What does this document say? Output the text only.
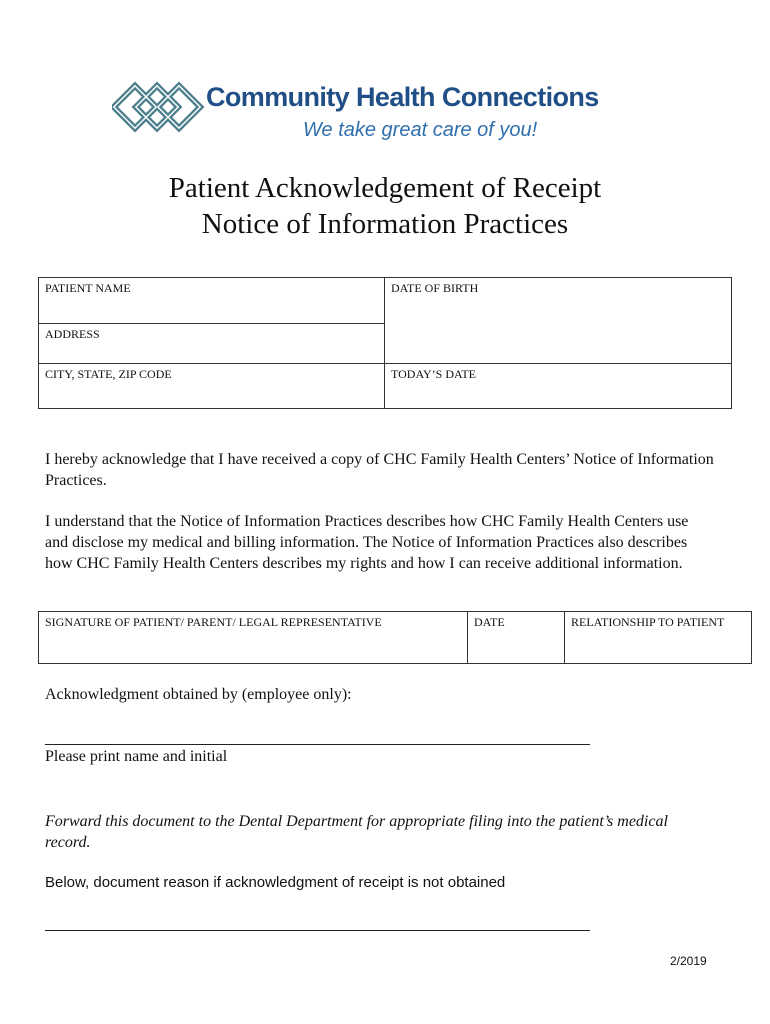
Community Health Connections
We take great care of you!
Patient Acknowledgement of Receipt
Notice of Information Practices
PATIENT NAME	DATE OF BIRTH
ADDRESS	
CITY, STATE, ZIP CODE	TODAY’S DATE

I hereby acknowledge that I have received a copy of CHC Family Health Centers’ Notice of Information Practices.

I understand that the Notice of Information Practices describes how CHC Family Health Centers use and disclose my medical and billing information. The Notice of Information Practices also describes how CHC Family Health Centers describes my rights and how I can receive additional information.

SIGNATURE OF PATIENT/ PARENT/ LEGAL REPRESENTATIVE	DATE	RELATIONSHIP TO PATIENT

Acknowledgment obtained by (employee only):

Please print name and initial

Forward this document to the Dental Department for appropriate filing into the patient’s medical record.

Below, document reason if acknowledgment of receipt is not obtained

2/2019
